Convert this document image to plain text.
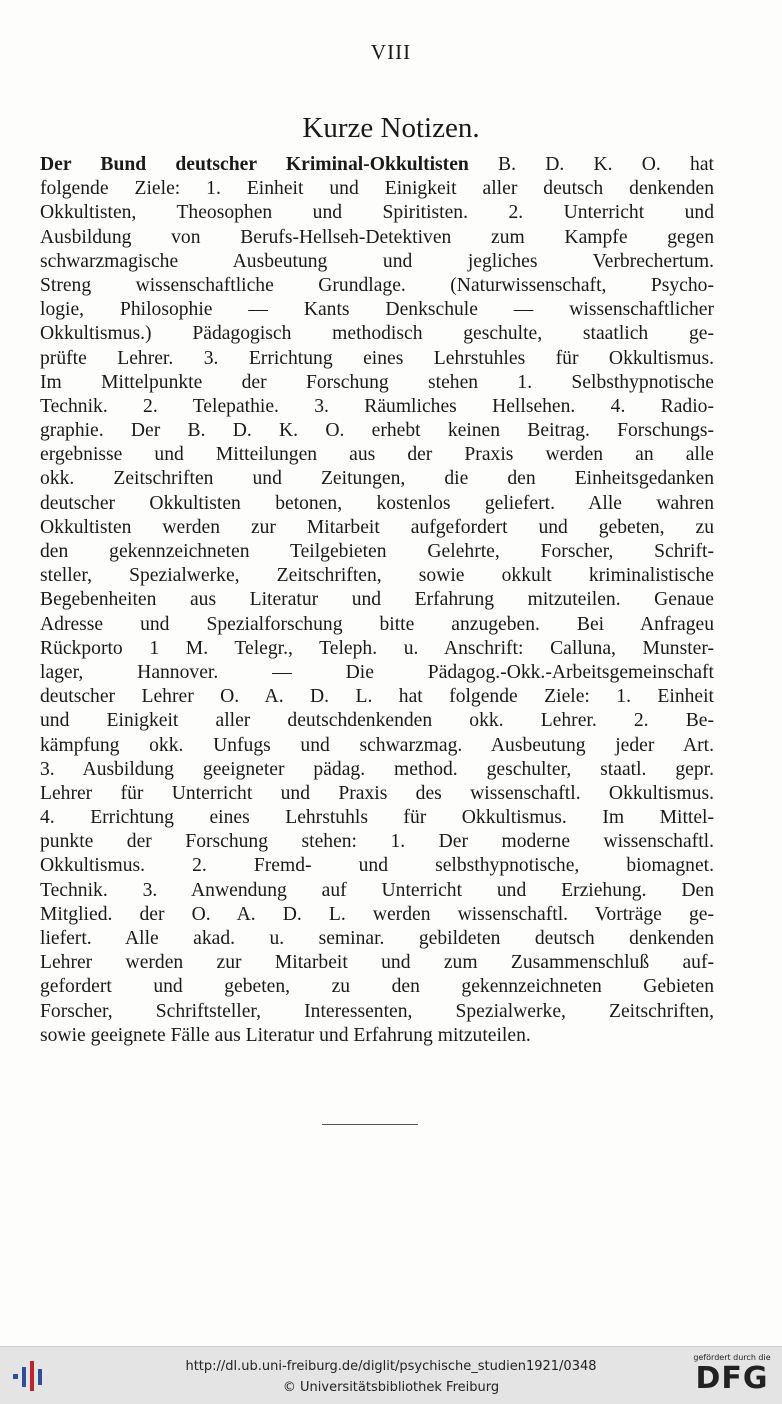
VIII
Kurze Notizen.
Der Bund deutscher Kriminal-Okkultisten B. D. K. O. hat
folgende Ziele: 1. Einheit und Einigkeit aller deutsch denkenden
Okkultisten, Theosophen und Spiritisten. 2. Unterricht und
Ausbildung von Berufs-Hellseh-Detektiven zum Kampfe gegen
schwarzmagische Ausbeutung und jegliches Verbrechertum.
Streng wissenschaftliche Grundlage. (Naturwissenschaft, Psycho-
logie, Philosophie — Kants Denkschule — wissenschaftlicher
Okkultismus.) Pädagogisch methodisch geschulte, staatlich ge-
prüfte Lehrer. 3. Errichtung eines Lehrstuhles für Okkultismus.
Im Mittelpunkte der Forschung stehen 1. Selbsthypnotische
Technik. 2. Telepathie. 3. Räumliches Hellsehen. 4. Radio-
graphie. Der B. D. K. O. erhebt keinen Beitrag. Forschungs-
ergebnisse und Mitteilungen aus der Praxis werden an alle
okk. Zeitschriften und Zeitungen, die den Einheitsgedanken
deutscher Okkultisten betonen, kostenlos geliefert. Alle wahren
Okkultisten werden zur Mitarbeit aufgefordert und gebeten, zu
den gekennzeichneten Teilgebieten Gelehrte, Forscher, Schrift-
steller, Spezialwerke, Zeitschriften, sowie okkult kriminalistische
Begebenheiten aus Literatur und Erfahrung mitzuteilen. Genaue
Adresse und Spezialforschung bitte anzugeben. Bei Anfrageu
Rückporto 1 M. Telegr., Teleph. u. Anschrift: Calluna, Munster-
lager, Hannover. — Die Pädagog.-Okk.-Arbeitsgemeinschaft
deutscher Lehrer O. A. D. L. hat folgende Ziele: 1. Einheit
und Einigkeit aller deutschdenkenden okk. Lehrer. 2. Be-
kämpfung okk. Unfugs und schwarzmag. Ausbeutung jeder Art.
3. Ausbildung geeigneter pädag. method. geschulter, staatl. gepr.
Lehrer für Unterricht und Praxis des wissenschaftl. Okkultismus.
4. Errichtung eines Lehrstuhls für Okkultismus. Im Mittel-
punkte der Forschung stehen: 1. Der moderne wissenschaftl.
Okkultismus. 2. Fremd- und selbsthypnotische, biomagnet.
Technik. 3. Anwendung auf Unterricht und Erziehung. Den
Mitglied. der O. A. D. L. werden wissenschaftl. Vorträge ge-
liefert. Alle akad. u. seminar. gebildeten deutsch denkenden
Lehrer werden zur Mitarbeit und zum Zusammenschluß auf-
gefordert und gebeten, zu den gekennzeichneten Gebieten
Forscher, Schriftsteller, Interessenten, Spezialwerke, Zeitschriften,
sowie geeignete Fälle aus Literatur und Erfahrung mitzuteilen.
http://dl.ub.uni-freiburg.de/diglit/psychische_studien1921/0348
© Universitätsbibliothek Freiburg
gefördert durch die
DFG
